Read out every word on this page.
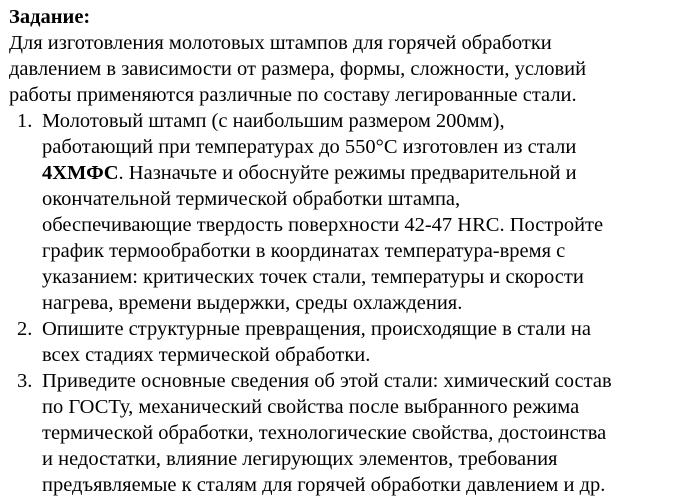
Задание:
Для изготовления молотовых штампов для горячей обработки
давлением в зависимости от размера, формы, сложности, условий
работы применяются различные по составу легированные стали.
1. Молотовый штамп (с наибольшим размером 200мм),
работающий при температурах до 550°С изготовлен из стали
4ХМФС. Назначьте и обоснуйте режимы предварительной и
окончательной термической обработки штампа,
обеспечивающие твердость поверхности 42-47 HRC. Постройте
график термообработки в координатах температура-время с
указанием: критических точек стали, температуры и скорости
нагрева, времени выдержки, среды охлаждения.
2. Опишите структурные превращения, происходящие в стали на
всех стадиях термической обработки.
3. Приведите основные сведения об этой стали: химический состав
по ГОСТу, механический свойства после выбранного режима
термической обработки, технологические свойства, достоинства
и недостатки, влияние легирующих элементов, требования
предъявляемые к сталям для горячей обработки давлением и др.
